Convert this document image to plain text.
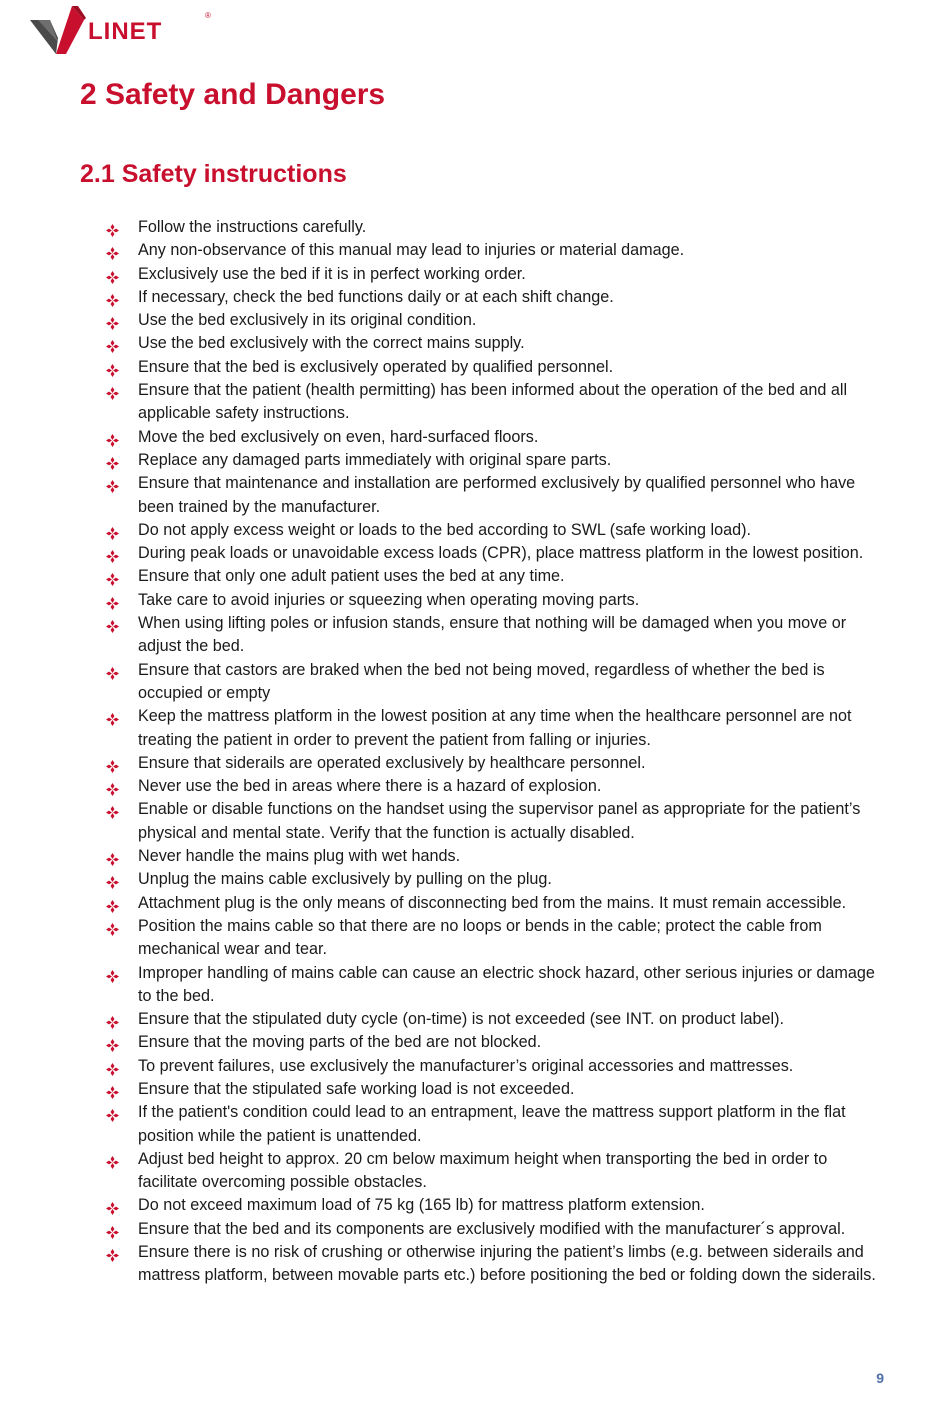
LINET
®
2 Safety and Dangers
2.1 Safety instructions
Follow the instructions carefully.
Any non-observance of this manual may lead to injuries or material damage.
Exclusively use the bed if it is in perfect working order.
If necessary, check the bed functions daily or at each shift change.
Use the bed exclusively in its original condition.
Use the bed exclusively with the correct mains supply.
Ensure that the bed is exclusively operated by qualified personnel.
Ensure that the patient (health permitting) has been informed about the operation of the bed and all applicable safety instructions.
Move the bed exclusively on even, hard-surfaced floors.
Replace any damaged parts immediately with original spare parts.
Ensure that maintenance and installation are performed exclusively by qualified personnel who have been trained by the manufacturer.
Do not apply excess weight or loads to the bed according to SWL (safe working load).
During peak loads or unavoidable excess loads (CPR), place mattress platform in the lowest position.
Ensure that only one adult patient uses the bed at any time.
Take care to avoid injuries or squeezing when operating moving parts.
When using lifting poles or infusion stands, ensure that nothing will be damaged when you move or adjust the bed.
Ensure that castors are braked when the bed not being moved, regardless of whether the bed is occupied or empty
Keep the mattress platform in the lowest position at any time when the healthcare personnel are not treating the patient in order to prevent the patient from falling or injuries.
Ensure that siderails are operated exclusively by healthcare personnel.
Never use the bed in areas where there is a hazard of explosion.
Enable or disable functions on the handset using the supervisor panel as appropriate for the patient’s physical and mental state. Verify that the function is actually disabled.
Never handle the mains plug with wet hands.
Unplug the mains cable exclusively by pulling on the plug.
Attachment plug is the only means of disconnecting bed from the mains. It must remain accessible.
Position the mains cable so that there are no loops or bends in the cable; protect the cable from mechanical wear and tear.
Improper handling of mains cable can cause an electric shock hazard, other serious injuries or damage to the bed.
Ensure that the stipulated duty cycle (on-time) is not exceeded (see INT. on product label).
Ensure that the moving parts of the bed are not blocked.
To prevent failures, use exclusively the manufacturer’s original accessories and mattresses.
Ensure that the stipulated safe working load is not exceeded.
If the patient's condition could lead to an entrapment, leave the mattress support platform in the flat position while the patient is unattended.
Adjust bed height to approx. 20 cm below maximum height when transporting the bed in order to facilitate overcoming possible obstacles.
Do not exceed maximum load of 75 kg (165 lb) for mattress platform extension.
Ensure that the bed and its components are exclusively modified with the manufacturer´s approval.
Ensure there is no risk of crushing or otherwise injuring the patient’s limbs (e.g. between siderails and mattress platform, between movable parts etc.) before positioning the bed or folding down the siderails.
9
